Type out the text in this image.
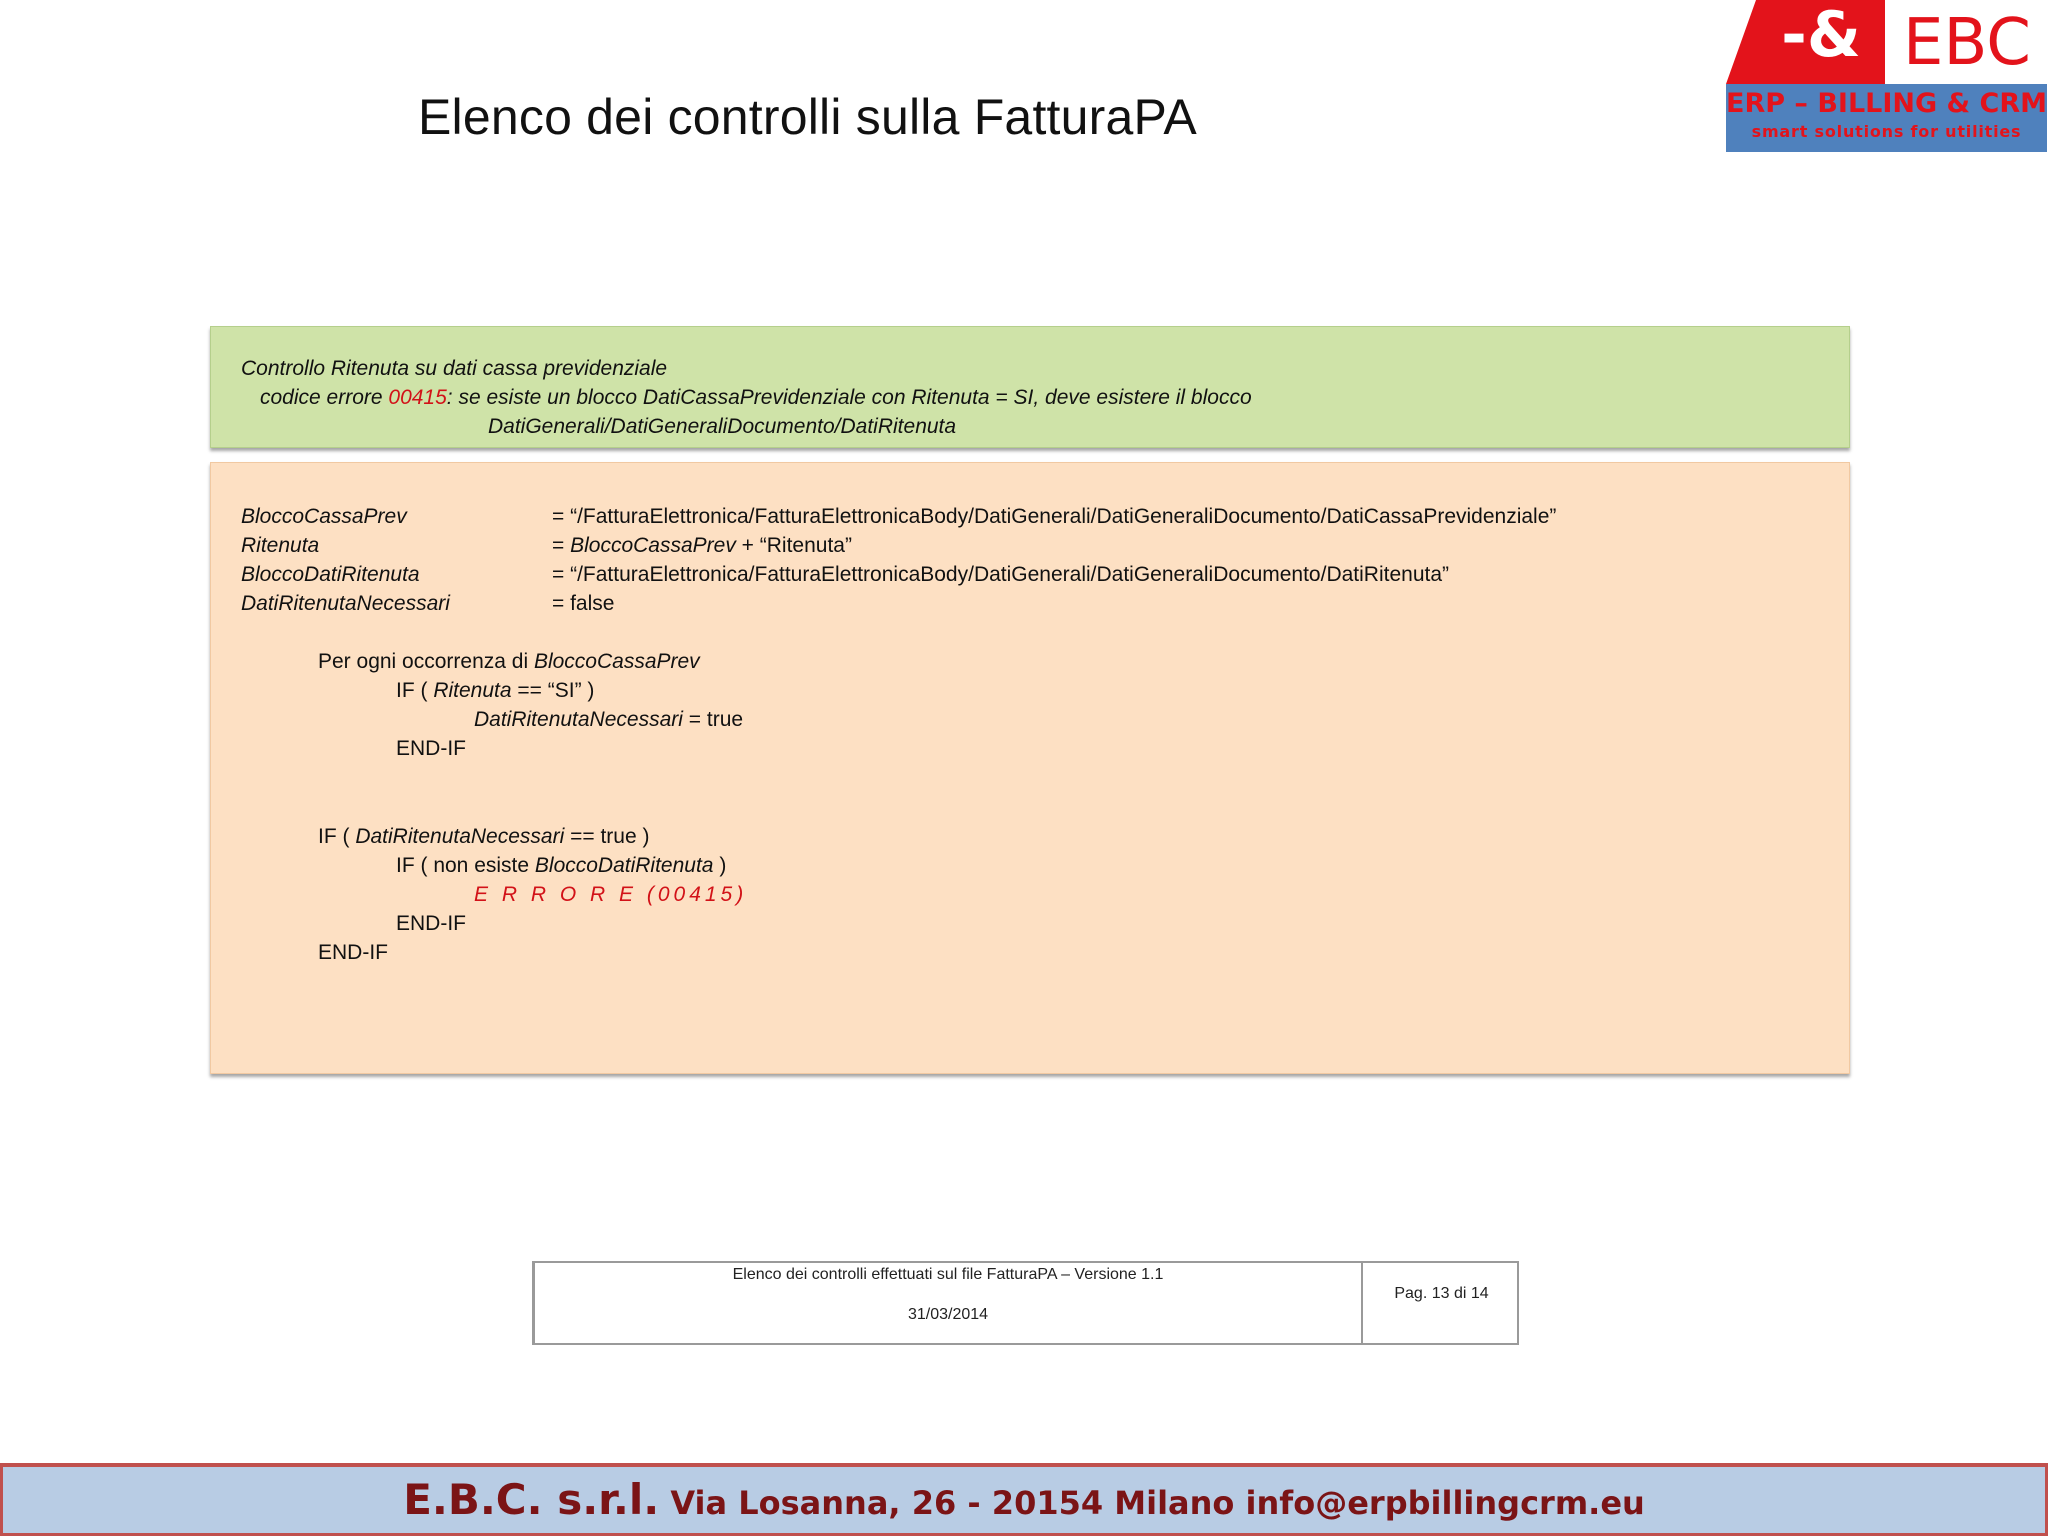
Elenco dei controlli sulla FatturaPA
-& EBC
ERP – BILLING & CRM
smart solutions for utilities
Controllo Ritenuta su dati cassa previdenziale
codice errore 00415: se esiste un blocco DatiCassaPrevidenziale con Ritenuta = SI, deve esistere il blocco
DatiGenerali/DatiGeneraliDocumento/DatiRitenuta
BloccoCassaPrev	= “/FatturaElettronica/FatturaElettronicaBody/DatiGenerali/DatiGeneraliDocumento/DatiCassaPrevidenziale”
Ritenuta	= BloccoCassaPrev + “Ritenuta”
BloccoDatiRitenuta	= “/FatturaElettronica/FatturaElettronicaBody/DatiGenerali/DatiGeneraliDocumento/DatiRitenuta”
DatiRitenutaNecessari	= false
Per ogni occorrenza di BloccoCassaPrev
IF ( Ritenuta == “SI” )
DatiRitenutaNecessari = true
END-IF
IF ( DatiRitenutaNecessari == true )
IF ( non esiste BloccoDatiRitenuta )
E R R O R E (00415)
END-IF
END-IF
Elenco dei controlli effettuati sul file FatturaPA – Versione 1.1
31/03/2014
Pag. 13 di 14
E.B.C. s.r.l. Via Losanna, 26 - 20154 Milano info@erpbillingcrm.eu
